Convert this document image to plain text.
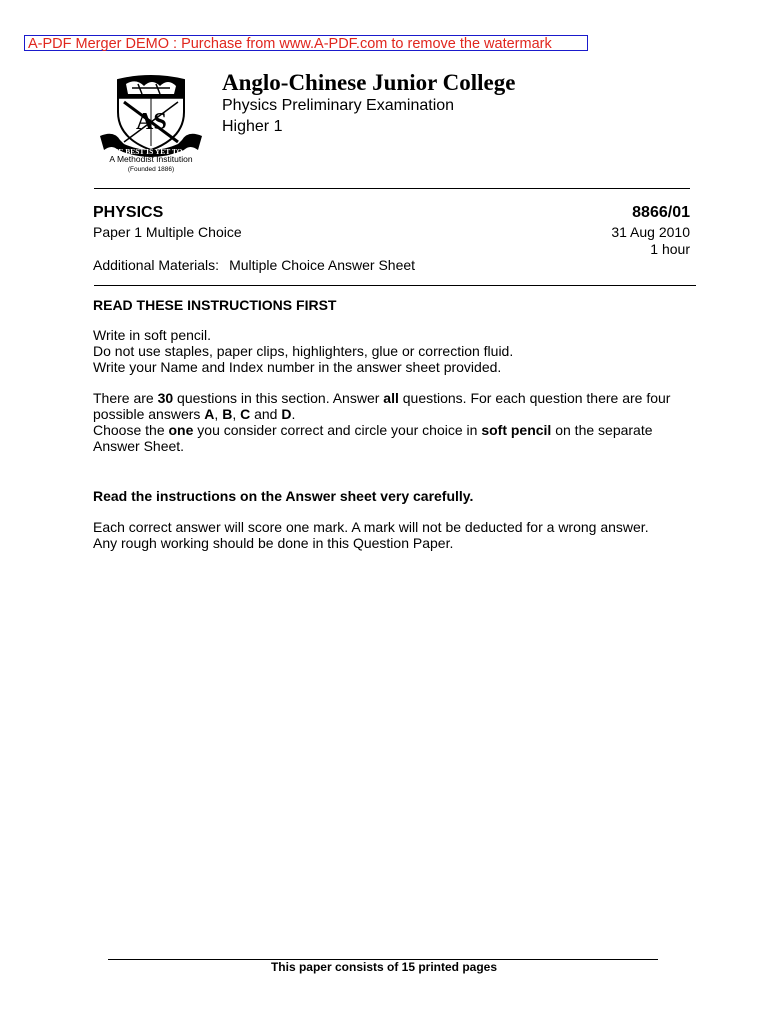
A-PDF Merger DEMO : Purchase from www.A-PDF.com to remove the watermark
AS
THE BEST IS YET TO BE
A Methodist Institution
(Founded 1886)
Anglo-Chinese Junior College
Physics Preliminary Examination
Higher 1
PHYSICS	8866/01
Paper 1 Multiple Choice	31 Aug 2010
1 hour
Additional Materials: Multiple Choice Answer Sheet

READ THESE INSTRUCTIONS FIRST

Write in soft pencil.

Do not use staples, paper clips, highlighters, glue or correction fluid.

Write your Name and Index number in the answer sheet provided.

There are 30 questions in this section. Answer all questions. For each question there are four possible answers A, B, C and D.

Choose the one you consider correct and circle your choice in soft pencil on the separate Answer Sheet.

Read the instructions on the Answer sheet very carefully.

Each correct answer will score one mark. A mark will not be deducted for a wrong answer.

Any rough working should be done in this Question Paper.

This paper consists of 15 printed pages
